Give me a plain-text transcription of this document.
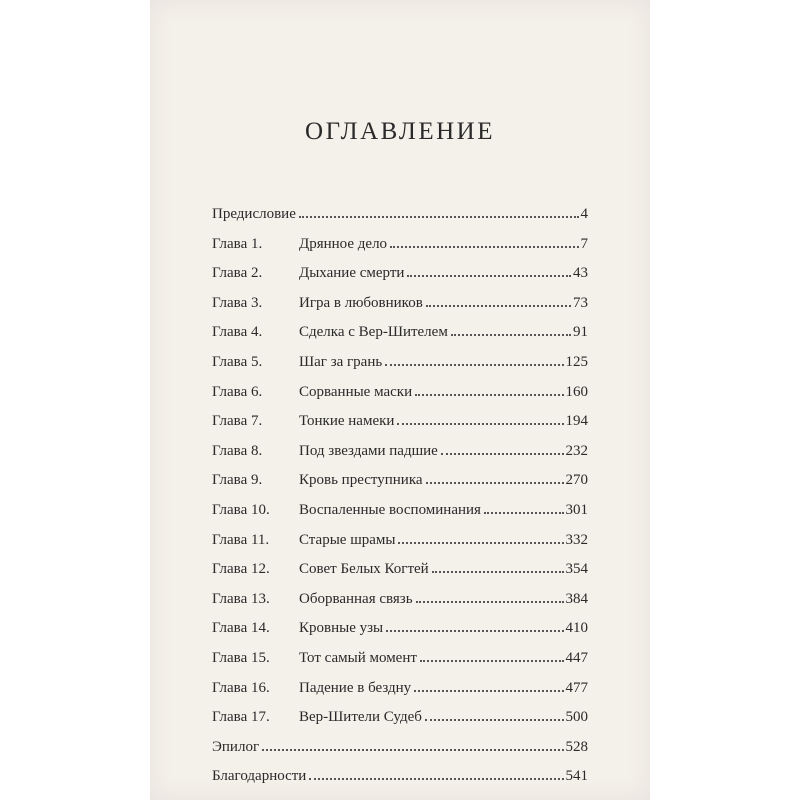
ОГЛАВЛЕНИЕ
Предисловие	4
Глава 1.	Дрянное дело	7
Глава 2.	Дыхание смерти	43
Глава 3.	Игра в любовников	73
Глава 4.	Сделка с Вер-Шителем	91
Глава 5.	Шаг за грань	125
Глава 6.	Сорванные маски	160
Глава 7.	Тонкие намеки	194
Глава 8.	Под звездами падшие	232
Глава 9.	Кровь преступника	270
Глава 10.	Воспаленные воспоминания	301
Глава 11.	Старые шрамы	332
Глава 12.	Совет Белых Когтей	354
Глава 13.	Оборванная связь	384
Глава 14.	Кровные узы	410
Глава 15.	Тот самый момент	447
Глава 16.	Падение в бездну	477
Глава 17.	Вер-Шители Судеб	500
Эпилог	528
Благодарности	541
